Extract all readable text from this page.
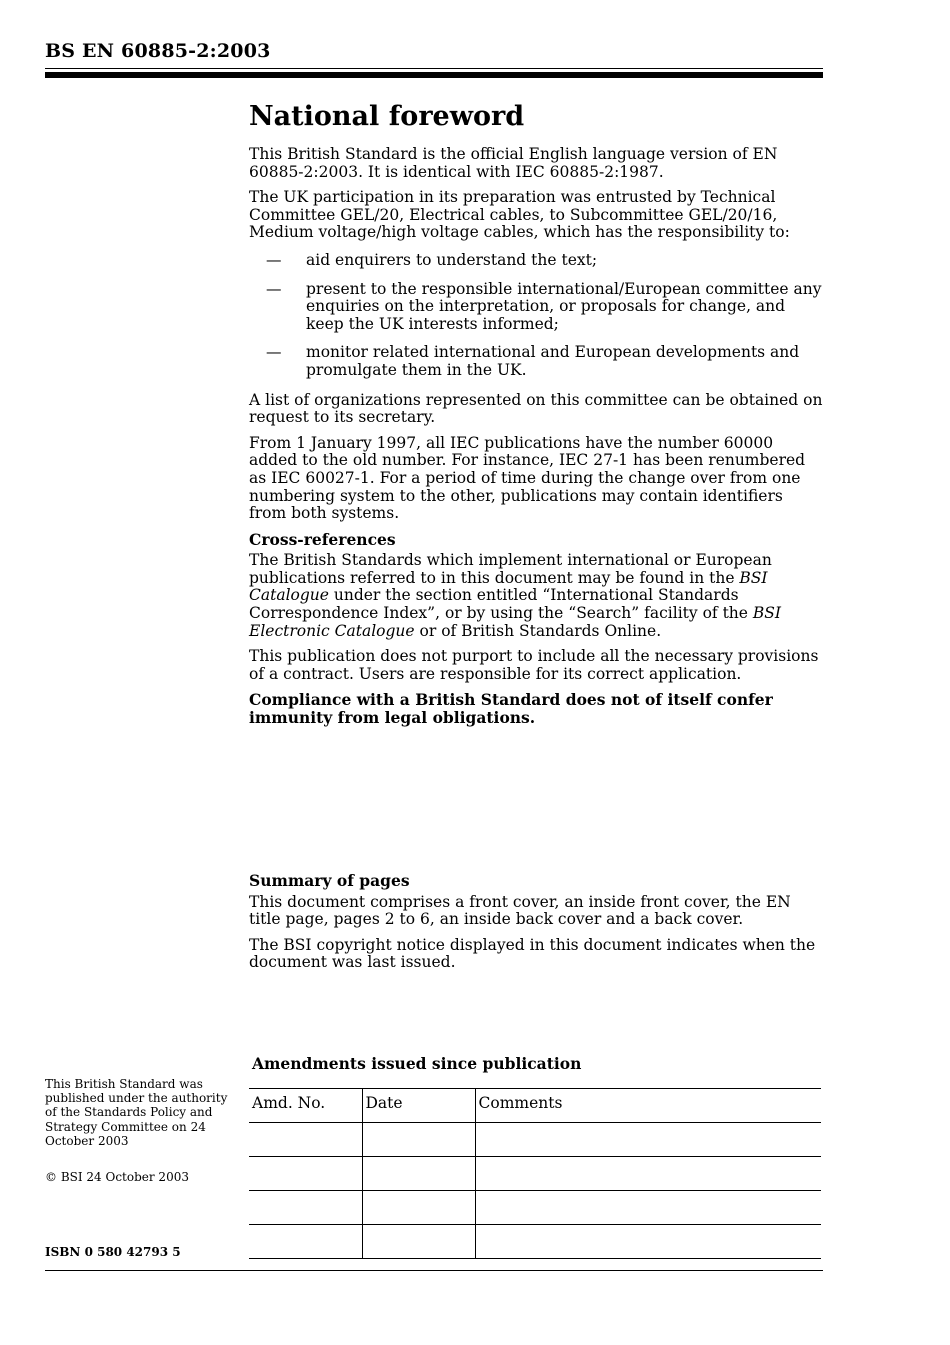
BS EN 60885-2:2003
National foreword

This British Standard is the official English language version of EN 60885-2:2003. It is identical with IEC 60885-2:1987.

The UK participation in its preparation was entrusted by Technical Committee GEL/20, Electrical cables, to Subcommittee GEL/20/16, Medium voltage/high voltage cables, which has the responsibility to:

— aid enquirers to understand the text;
— present to the responsible international/European committee any enquiries on the interpretation, or proposals for change, and keep the UK interests informed;
— monitor related international and European developments and promulgate them in the UK.

A list of organizations represented on this committee can be obtained on request to its secretary.

From 1 January 1997, all IEC publications have the number 60000 added to the old number. For instance, IEC 27-1 has been renumbered as IEC 60027-1. For a period of time during the change over from one numbering system to the other, publications may contain identifiers from both systems.

Cross-references

The British Standards which implement international or European publications referred to in this document may be found in the BSI Catalogue under the section entitled “International Standards Correspondence Index”, or by using the “Search” facility of the BSI Electronic Catalogue or of British Standards Online.

This publication does not purport to include all the necessary provisions of a contract. Users are responsible for its correct application.

Compliance with a British Standard does not of itself confer immunity from legal obligations.

Summary of pages

This document comprises a front cover, an inside front cover, the EN title page, pages 2 to 6, an inside back cover and a back cover.

The BSI copyright notice displayed in this document indicates when the document was last issued.

This British Standard was published under the authority of the Standards Policy and Strategy Committee on 24 October 2003

© BSI 24 October 2003

ISBN 0 580 42793 5
Amendments issued since publication
Amd. No.	Date	Comments
